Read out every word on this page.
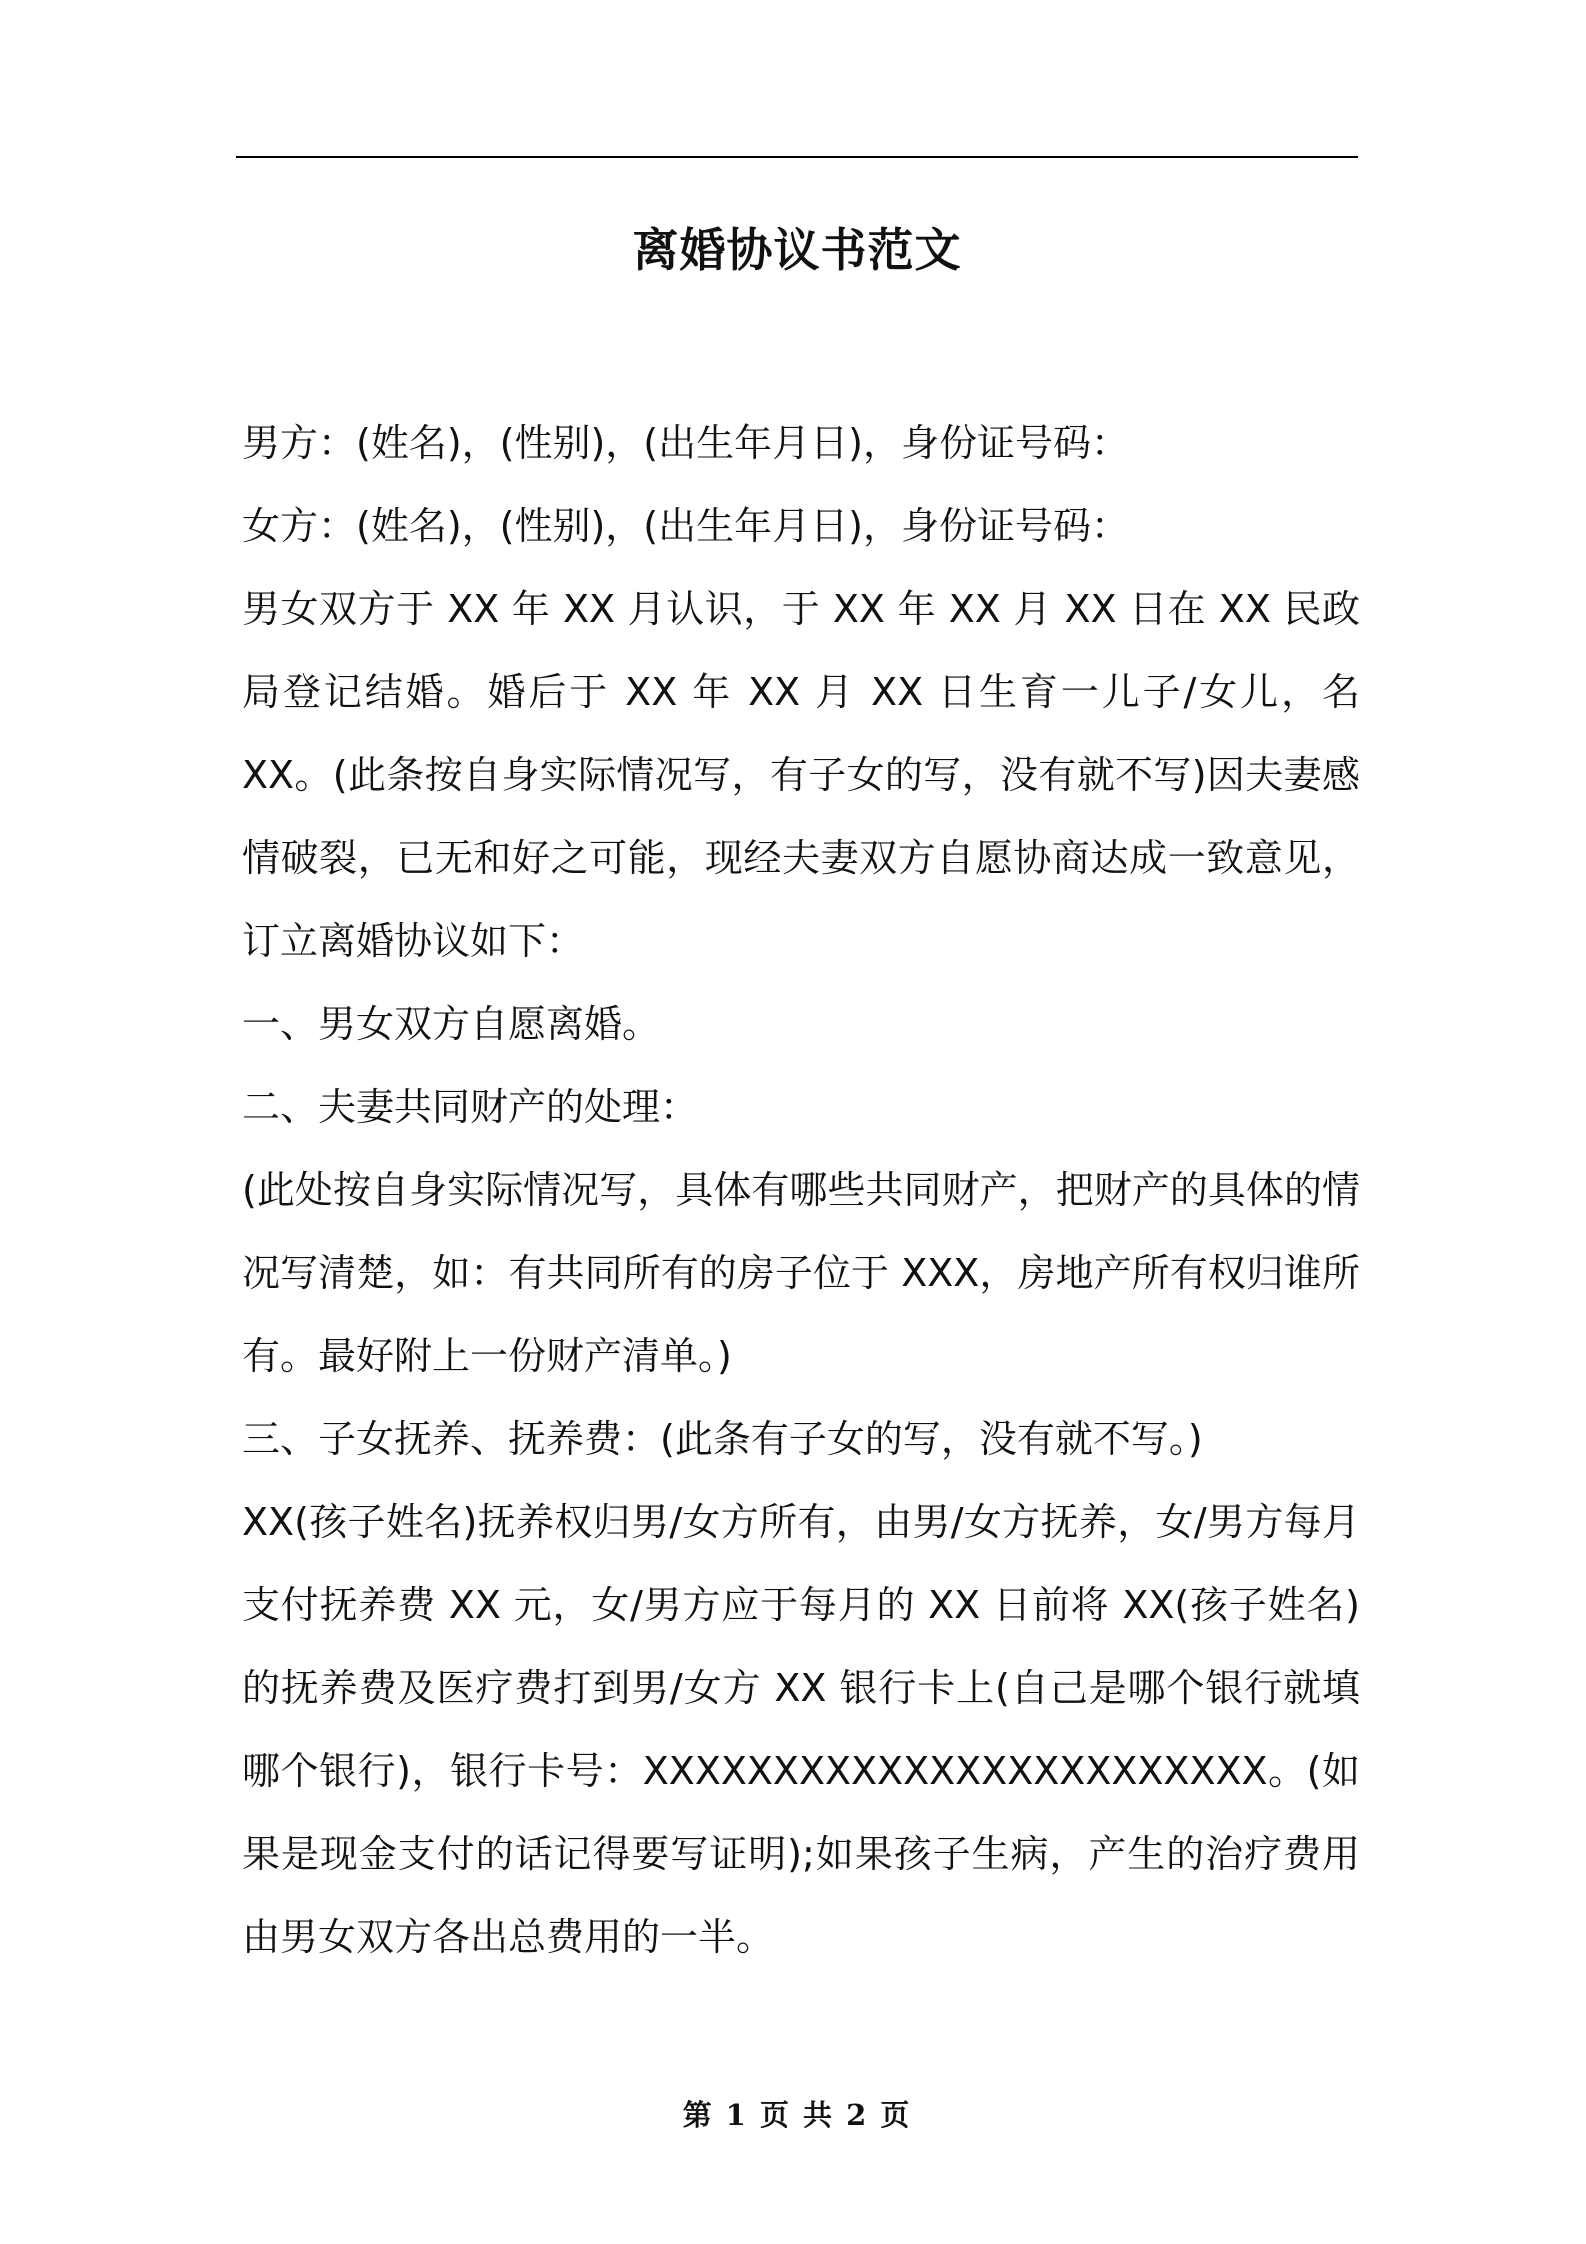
离婚协议书范文

男方：(姓名)，(性别)，(出生年月日)，身份证号码：

女方：(姓名)，(性别)，(出生年月日)，身份证号码：

男女双方于 XX 年 XX 月认识，于 XX 年 XX 月 XX 日在 XX 民政局登记结婚。婚后于 XX 年 XX 月 XX 日生育一儿子/女儿，名 XX。(此条按自身实际情况写，有子女的写，没有就不写)因夫妻感情破裂，已无和好之可能，现经夫妻双方自愿协商达成一致意见，订立离婚协议如下：

一、男女双方自愿离婚。

二、夫妻共同财产的处理：

(此处按自身实际情况写，具体有哪些共同财产，把财产的具体的情况写清楚，如：有共同所有的房子位于 XXX，房地产所有权归谁所有。最好附上一份财产清单。)

三、子女抚养、抚养费：(此条有子女的写，没有就不写。)

XX(孩子姓名)抚养权归男/女方所有，由男/女方抚养，女/男方每月支付抚养费 XX 元，女/男方应于每月的 XX 日前将 XX(孩子姓名)的抚养费及医疗费打到男/女方 XX 银行卡上(自己是哪个银行就填哪个银行)，银行卡号：XXXXXXXXXXXXXXXXXXXXXXXX。(如果是现金支付的话记得要写证明);如果孩子生病，产生的治疗费用由男女双方各出总费用的一半。

第 1 页 共 2 页
